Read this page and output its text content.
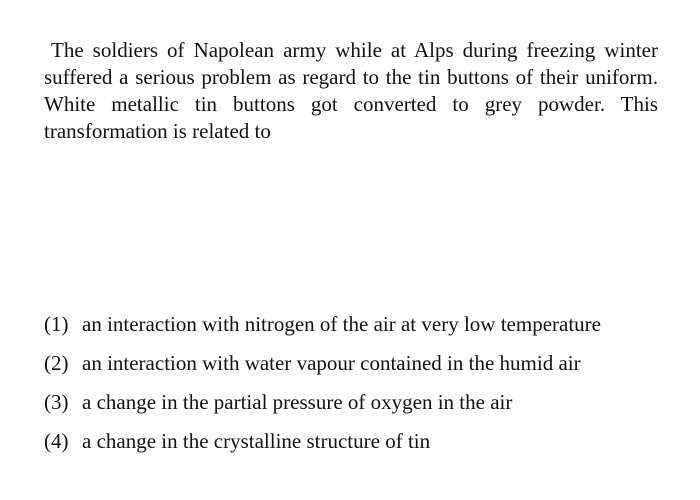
The soldiers of Napolean army while at Alps during freezing winter suffered a serious problem as regard to the tin buttons of their uniform. White metallic tin buttons got converted to grey powder. This transformation is related to

(1) an interaction with nitrogen of the air at very low temperature
(2) an interaction with water vapour contained in the humid air
(3) a change in the partial pressure of oxygen in the air
(4) a change in the crystalline structure of tin
